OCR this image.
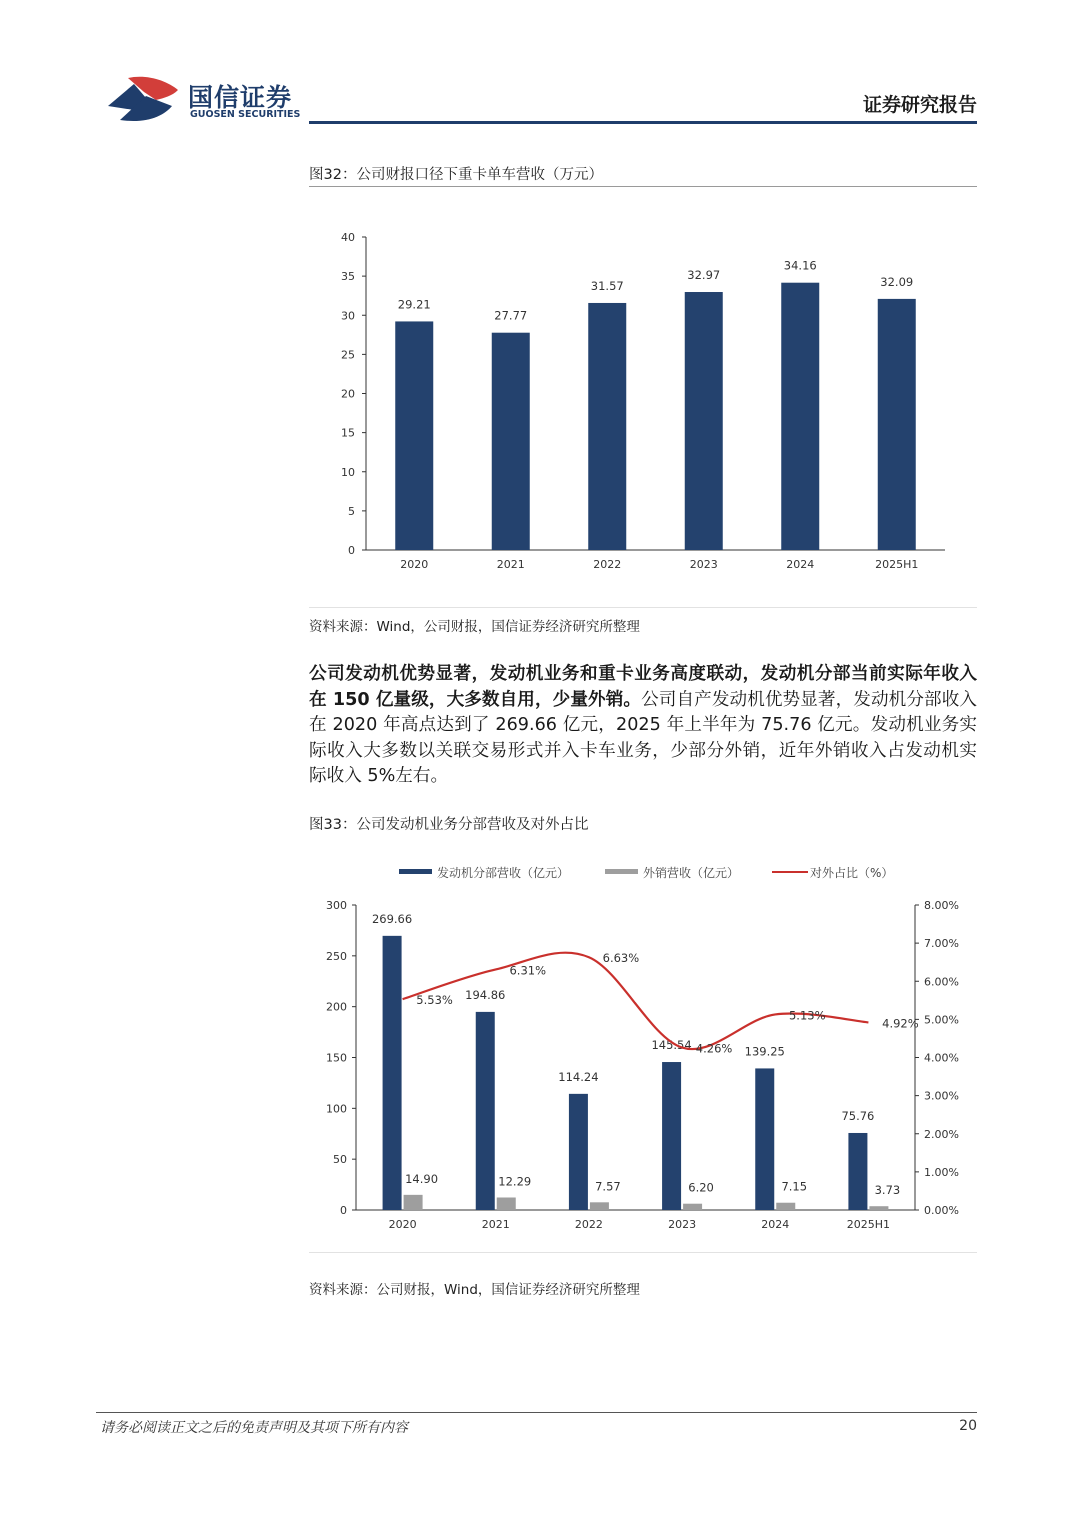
国信证券
GUOSEN SECURITIES	证券研究报告
图32：公司财报口径下重卡单车营收（万元）
0
5
10
15
20
25
30
35
40
29.21
2020
27.77
2021
31.57
2022
32.97
2023
34.16
2024
32.09
2025H1
资料来源：Wind，公司财报，国信证券经济研究所整理
公司发动机优势显著，发动机业务和重卡业务高度联动，发动机分部当前实际年收入在 150 亿量级，大多数自用，少量外销。公司自产发动机优势显著，发动机分部收入在 2020 年高点达到了 269.66 亿元，2025 年上半年为 75.76 亿元。发动机业务实际收入大多数以关联交易形式并入卡车业务，少部分外销，近年外销收入占发动机实际收入 5%左右。
图33：公司发动机业务分部营收及对外占比
发动机分部营收（亿元）	外销营收（亿元）	对外占比（%）
0
50
100
150
200
250
300
0.00%
1.00%
2.00%
3.00%
4.00%
5.00%
6.00%
7.00%
8.00%
269.66
14.90
2020
194.86
12.29
2021
114.24
7.57
2022
145.54
6.20
2023
139.25
7.15
2024
75.76
3.73
2025H1
5.53%
6.31%
6.63%
4.26%
5.13%
4.92%
资料来源：公司财报，Wind，国信证券经济研究所整理
请务必阅读正文之后的免责声明及其项下所有内容	20
